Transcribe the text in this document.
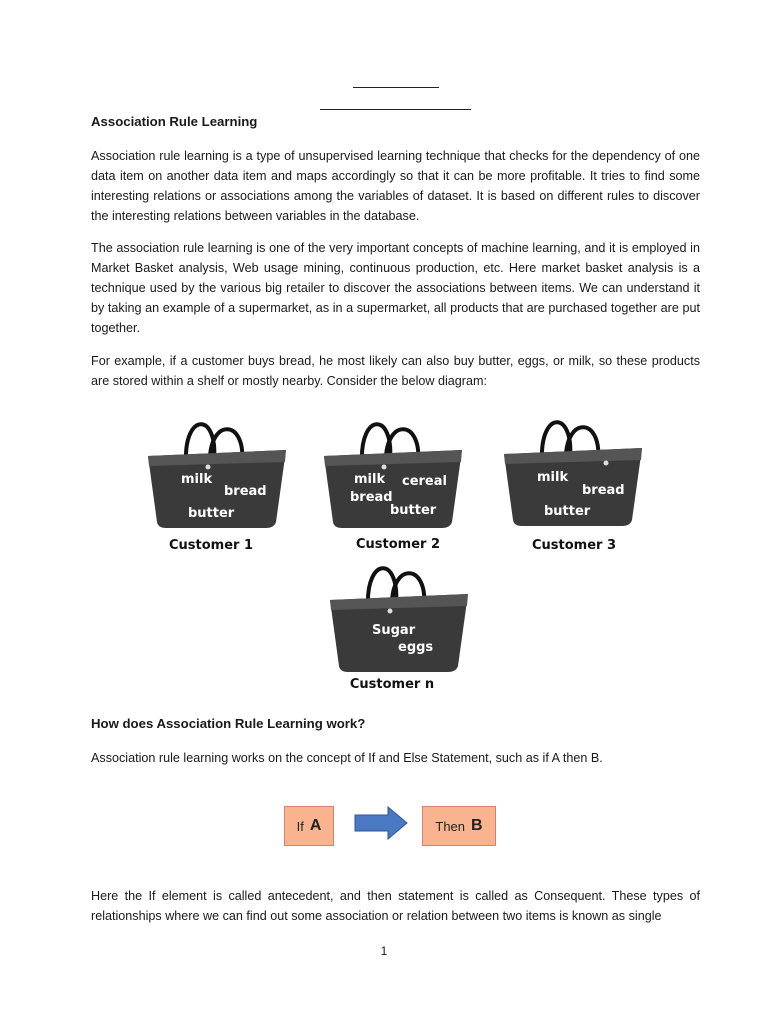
Association Rule Learning

Association rule learning is a type of unsupervised learning technique that checks for the dependency of one data item on another data item and maps accordingly so that it can be more profitable. It tries to find some interesting relations or associations among the variables of dataset. It is based on different rules to discover the interesting relations between variables in the database.

The association rule learning is one of the very important concepts of machine learning, and it is employed in Market Basket analysis, Web usage mining, continuous production, etc. Here market basket analysis is a technique used by the various big retailer to discover the associations between items. We can understand it by taking an example of a supermarket, as in a supermarket, all products that are purchased together are put together.

For example, if a customer buys bread, he most likely can also buy butter, eggs, or milk, so these products are stored within a shelf or mostly nearby. Consider the below diagram:

milk
bread
butter
Customer 1
milk cereal
bread
butter
Customer 2
milk
bread
butter
Customer 3
Sugar
eggs
Customer n
How does Association Rule Learning work?

Association rule learning works on the concept of If and Else Statement, such as if A then B.

If A	Then B

Here the If element is called antecedent, and then statement is called as Consequent. These types of relationships where we can find out some association or relation between two items is known as single

1
